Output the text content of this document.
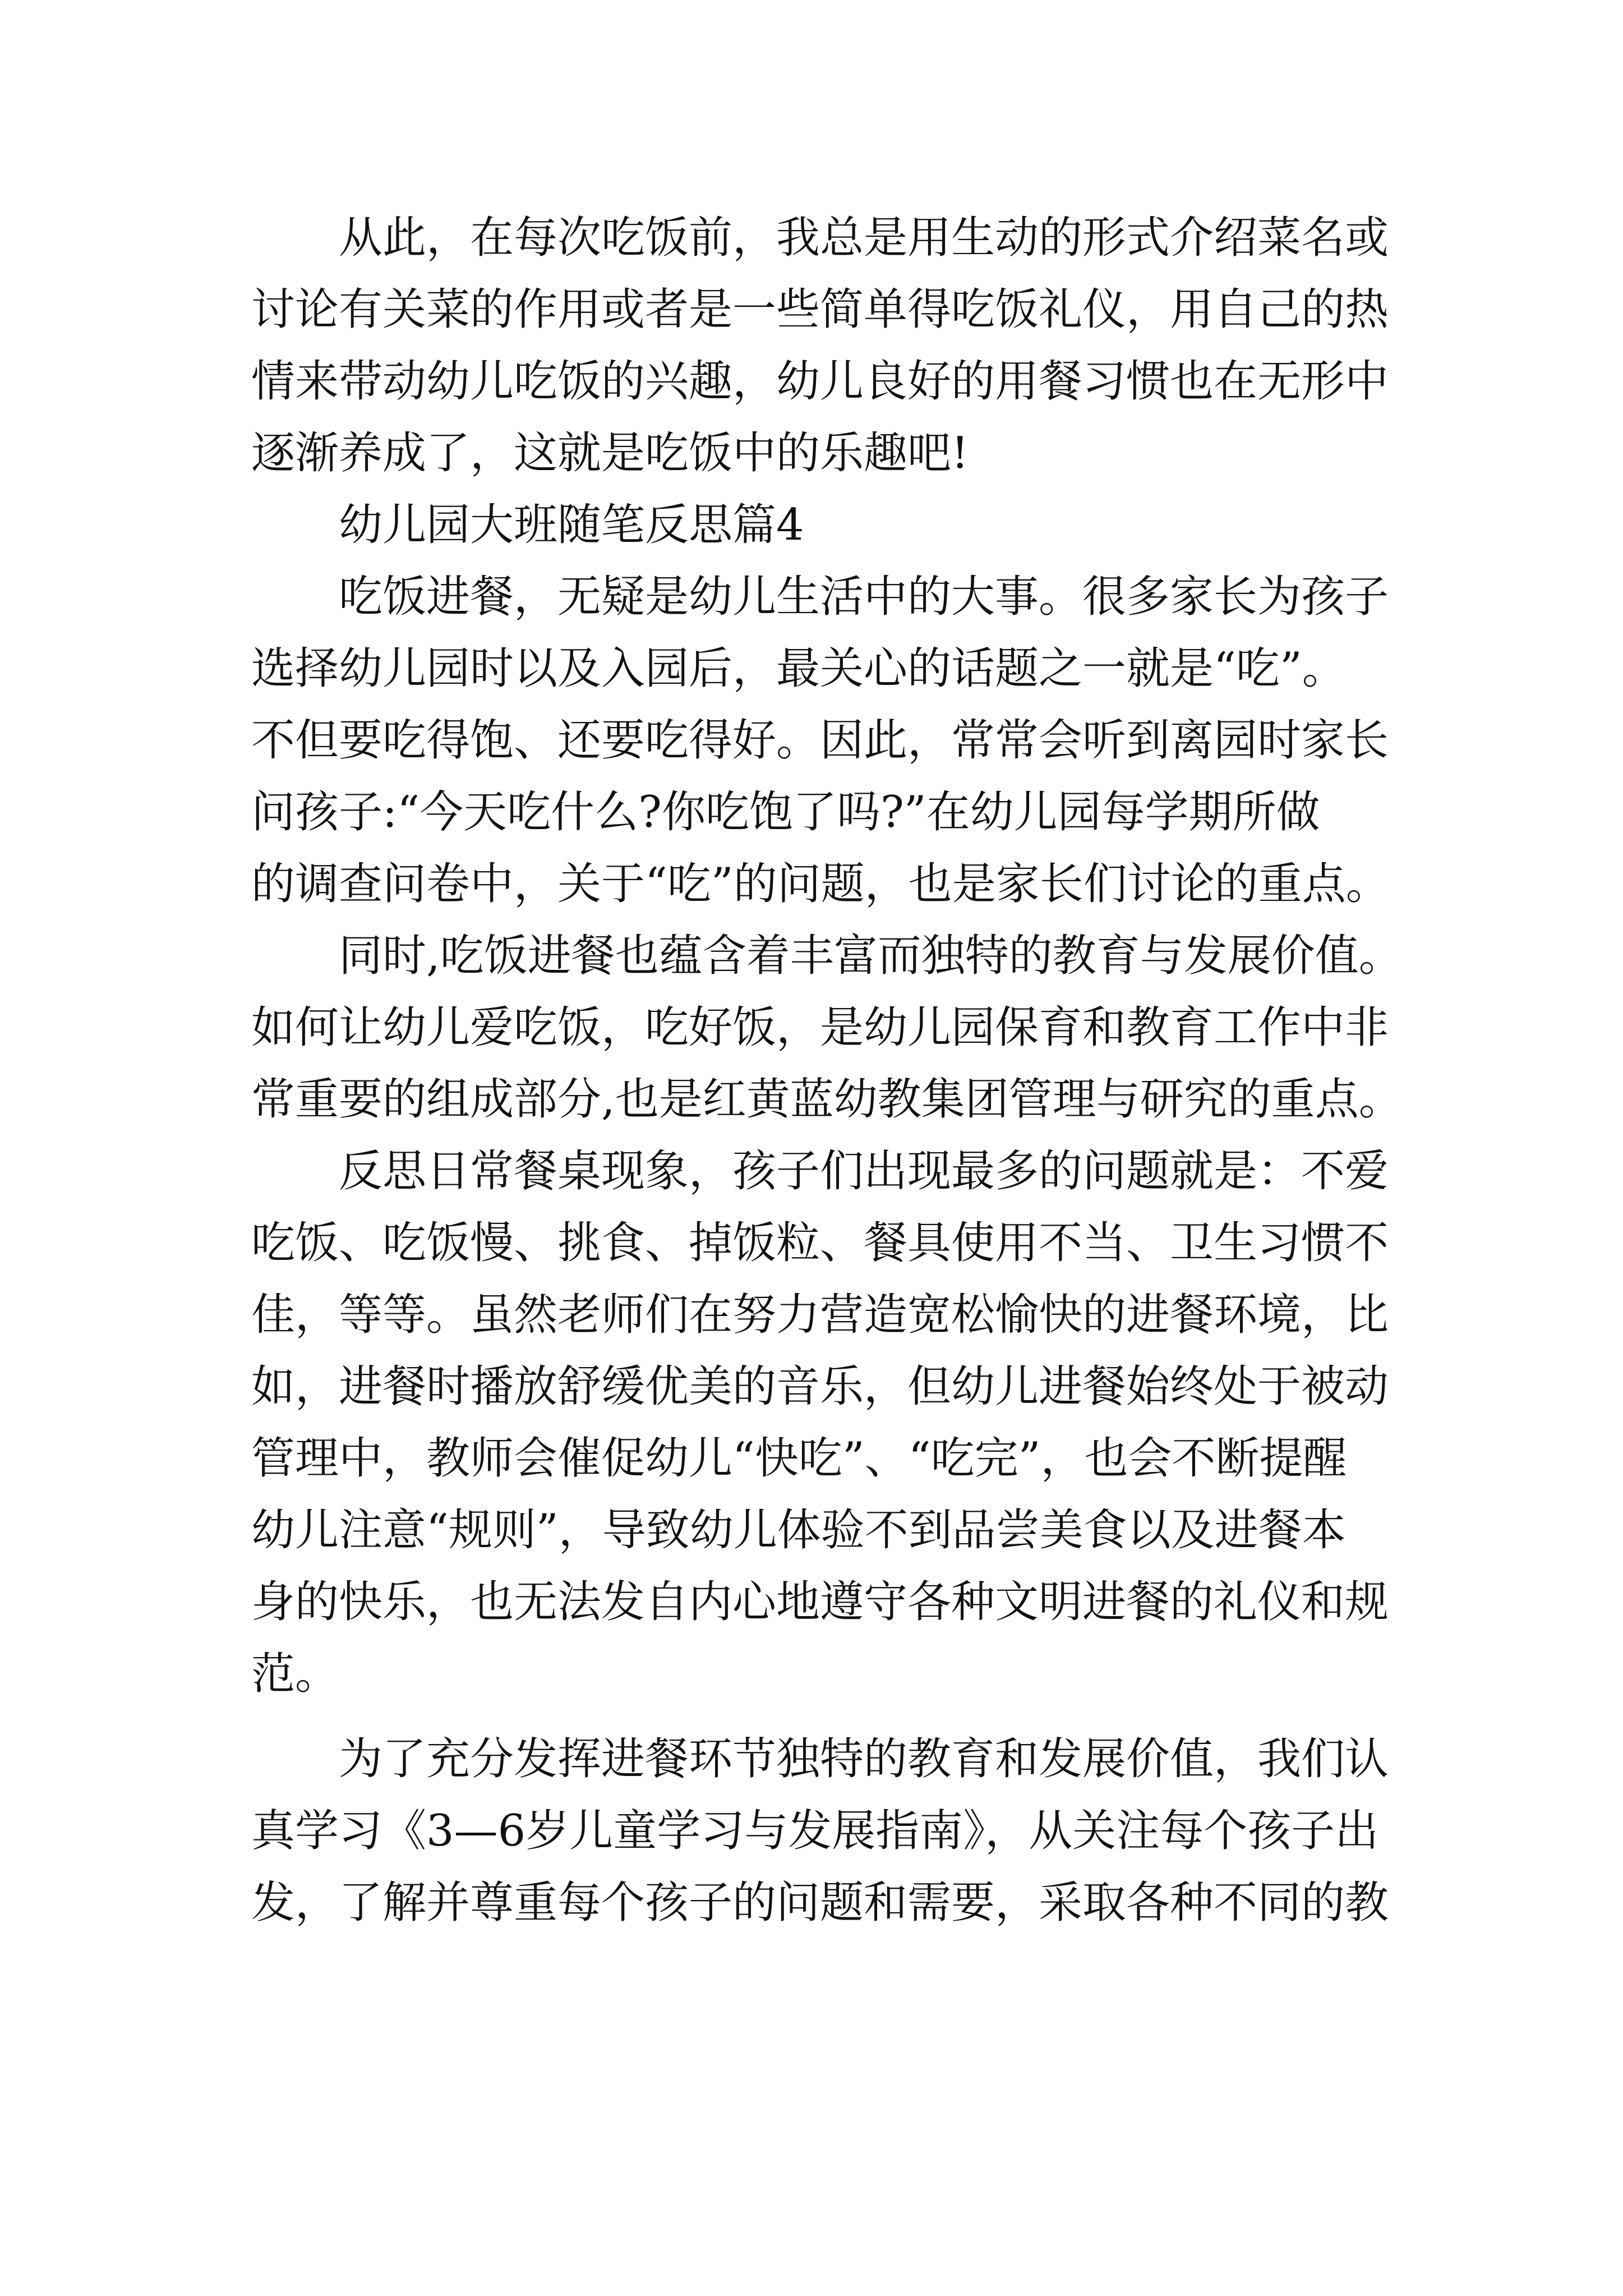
从此，在每次吃饭前，我总是用生动的形式介绍菜名或
讨论有关菜的作用或者是一些简单得吃饭礼仪，用自己的热
情来带动幼儿吃饭的兴趣，幼儿良好的用餐习惯也在无形中
逐渐养成了，这就是吃饭中的乐趣吧!
幼儿园大班随笔反思篇4
吃饭进餐，无疑是幼儿生活中的大事。很多家长为孩子
选择幼儿园时以及入园后，最关心的话题之一就是“吃”。
不但要吃得饱、还要吃得好。因此，常常会听到离园时家长
问孩子:“今天吃什么?你吃饱了吗?”在幼儿园每学期所做
的调查问卷中，关于“吃”的问题，也是家长们讨论的重点。
同时,吃饭进餐也蕴含着丰富而独特的教育与发展价值。
如何让幼儿爱吃饭，吃好饭，是幼儿园保育和教育工作中非
常重要的组成部分,也是红黄蓝幼教集团管理与研究的重点。
反思日常餐桌现象，孩子们出现最多的问题就是：不爱
吃饭、吃饭慢、挑食、掉饭粒、餐具使用不当、卫生习惯不
佳，等等。虽然老师们在努力营造宽松愉快的进餐环境，比
如，进餐时播放舒缓优美的音乐，但幼儿进餐始终处于被动
管理中，教师会催促幼儿“快吃”、“吃完”，也会不断提醒
幼儿注意“规则”，导致幼儿体验不到品尝美食以及进餐本
身的快乐，也无法发自内心地遵守各种文明进餐的礼仪和规
范。
为了充分发挥进餐环节独特的教育和发展价值，我们认
真学习《3—6岁儿童学习与发展指南》，从关注每个孩子出
发，了解并尊重每个孩子的问题和需要，采取各种不同的教
